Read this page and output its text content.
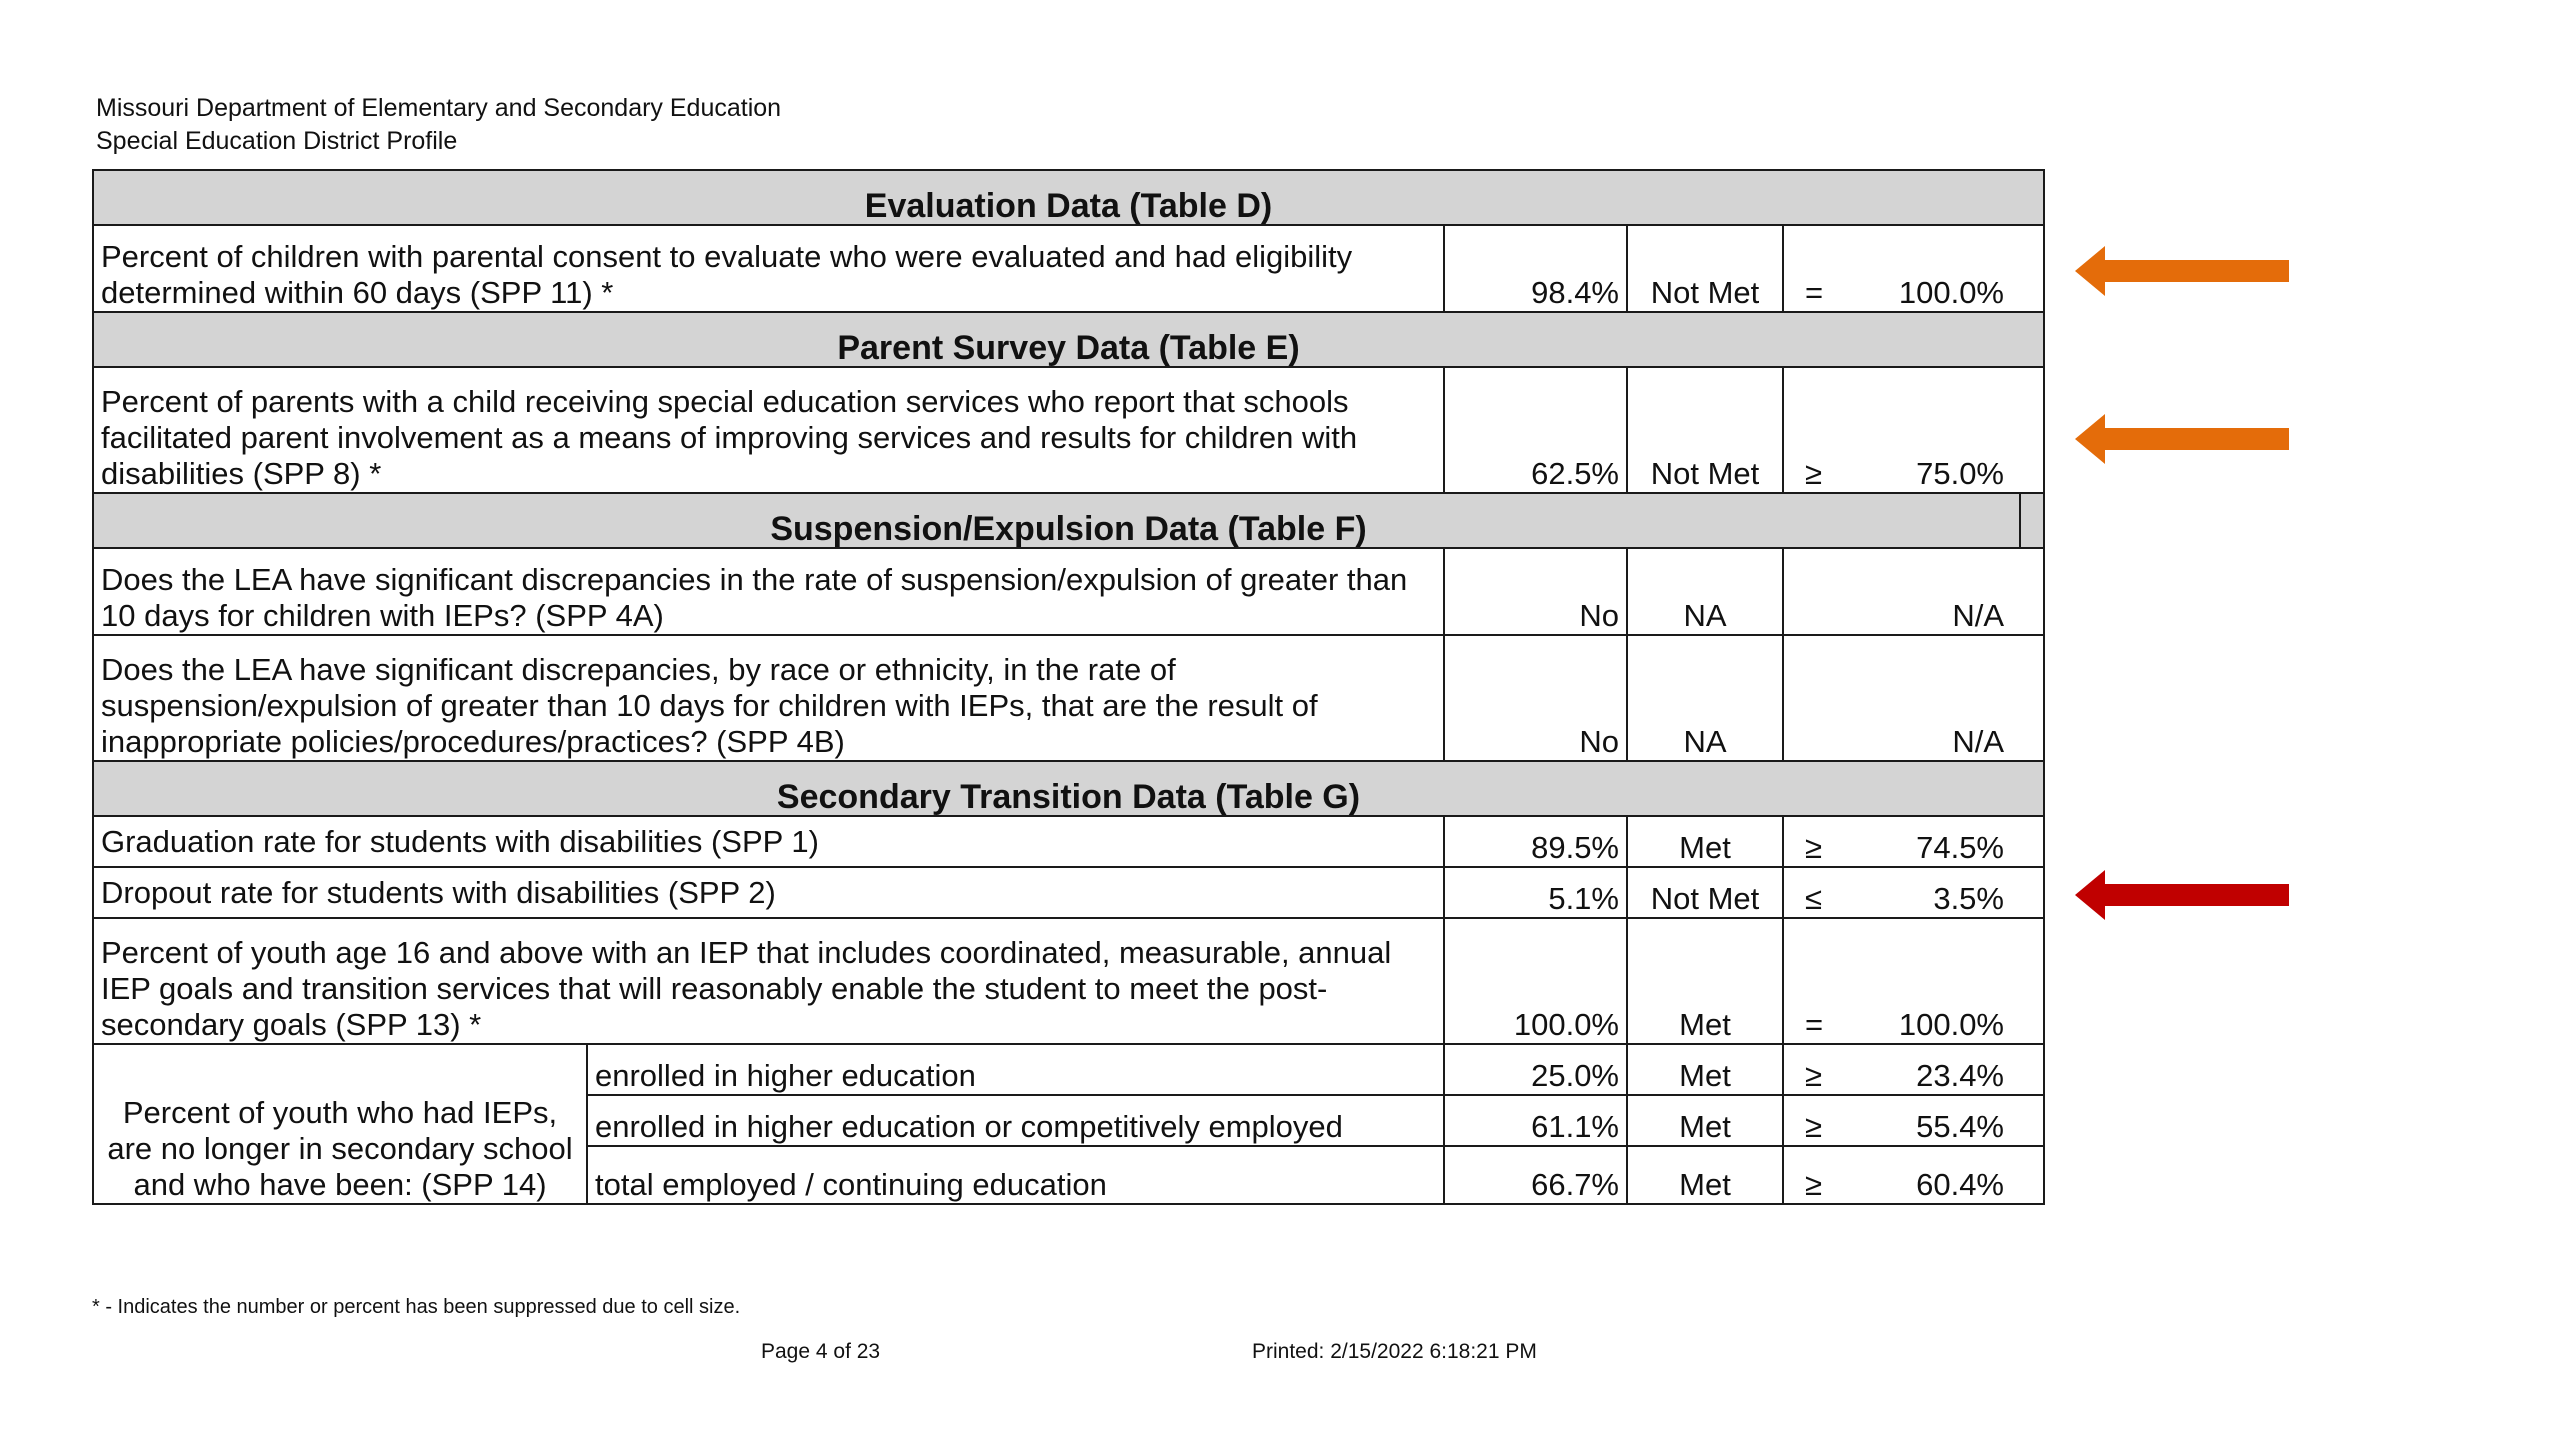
Missouri Department of Elementary and Secondary Education
Special Education District Profile
Evaluation Data (Table D)				
Percent of children with parental consent to evaluate who were evaluated and had eligibility determined within 60 days (SPP 11) *		98.4%	Not Met	= 100.0%

Parent Survey Data (Table E)				
Percent of parents with a child receiving special education services who report that schools facilitated parent involvement as a means of improving services and results for children with disabilities (SPP 8) *		62.5%	Not Met	≥ 75.0%

Suspension/Expulsion Data (Table F)				

Does the LEA have significant discrepancies in the rate of suspension/expulsion of greater than 10 days for children with IEPs? (SPP 4A)		No	NA	N/A

Does the LEA have significant discrepancies, by race or ethnicity, in the rate of suspension/expulsion of greater than 10 days for children with IEPs, that are the result of inappropriate policies/procedures/practices? (SPP 4B)		No	NA	N/A

Secondary Transition Data (Table G)				
Graduation rate for students with disabilities (SPP 1)		89.5%	Met	≥ 74.5%

Dropout rate for students with disabilities (SPP 2)		5.1%	Not Met	≤ 3.5%

Percent of youth age 16 and above with an IEP that includes coordinated, measurable, annual IEP goals and transition services that will reasonably enable the student to meet the post-secondary goals (SPP 13) *		100.0%	Met	= 100.0%

Percent of youth who had IEPs, are no longer in secondary school and who have been: (SPP 14)	enrolled in higher education	25.0%	Met	≥ 23.4%

	enrolled in higher education or competitively employed	61.1%	Met	≥ 55.4%

	total employed / continuing education	66.7%	Met	≥ 60.4%
* - Indicates the number or percent has been suppressed due to cell size.
Page 4 of 23	Printed: 2/15/2022 6:18:21 PM
